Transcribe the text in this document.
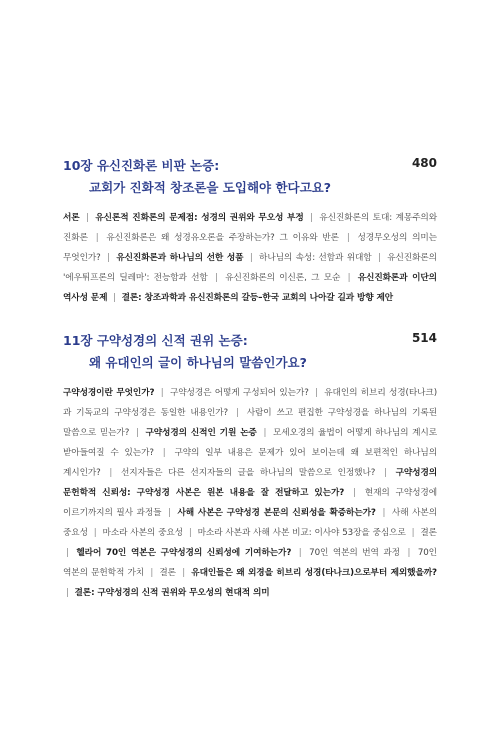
10장 유신진화론 비판 논증:
교회가 진화적 창조론을 도입해야 한다고요?
480
서론 | 유신론적 진화론의 문제점: 성경의 권위와 무오성 부정 | 유신진화론의 토대: 계몽주의와 진화론 | 유신진화론은 왜 성경유오론을 주장하는가? 그 이유와 반론 | 성경무오성의 의미는 무엇인가? | 유신진화론과 하나님의 선한 성품 | 하나님의 속성: 선함과 위대함 | 유신진화론의 '에우튀프론의 딜레마': 전능함과 선함 | 유신진화론의 이신론, 그 모순 | 유신진화론과 이단의 역사성 문제 | 결론: 창조과학과 유신진화론의 갈등–한국 교회의 나아갈 길과 방향 제안
11장 구약성경의 신적 권위 논증:
왜 유대인의 글이 하나님의 말씀인가요?
514
구약성경이란 무엇인가? | 구약성경은 어떻게 구성되어 있는가? | 유대인의 히브리 성경(타나크)과 기독교의 구약성경은 동일한 내용인가? | 사람이 쓰고 편집한 구약성경을 하나님의 기록된 말씀으로 믿는가? | 구약성경의 신적인 기원 논증 | 모세오경의 율법이 어떻게 하나님의 계시로 받아들여질 수 있는가? | 구약의 일부 내용은 문제가 있어 보이는데 왜 보편적인 하나님의 계시인가? | 선지자들은 다른 선지자들의 글을 하나님의 말씀으로 인정했나? | 구약성경의 문헌학적 신뢰성: 구약성경 사본은 원본 내용을 잘 전달하고 있는가? | 현재의 구약성경에 이르기까지의 필사 과정들 | 사해 사본은 구약성경 본문의 신뢰성을 확증하는가? | 사해 사본의 중요성 | 마소라 사본의 중요성 | 마소라 사본과 사해 사본 비교: 이사야 53장을 중심으로 | 결론 | 헬라어 70인 역본은 구약성경의 신뢰성에 기여하는가? | 70인 역본의 번역 과정 | 70인 역본의 문헌학적 가치 | 결론 | 유대인들은 왜 외경을 히브리 성경(타나크)으로부터 제외했을까? | 결론: 구약성경의 신적 권위와 무오성의 현대적 의미
